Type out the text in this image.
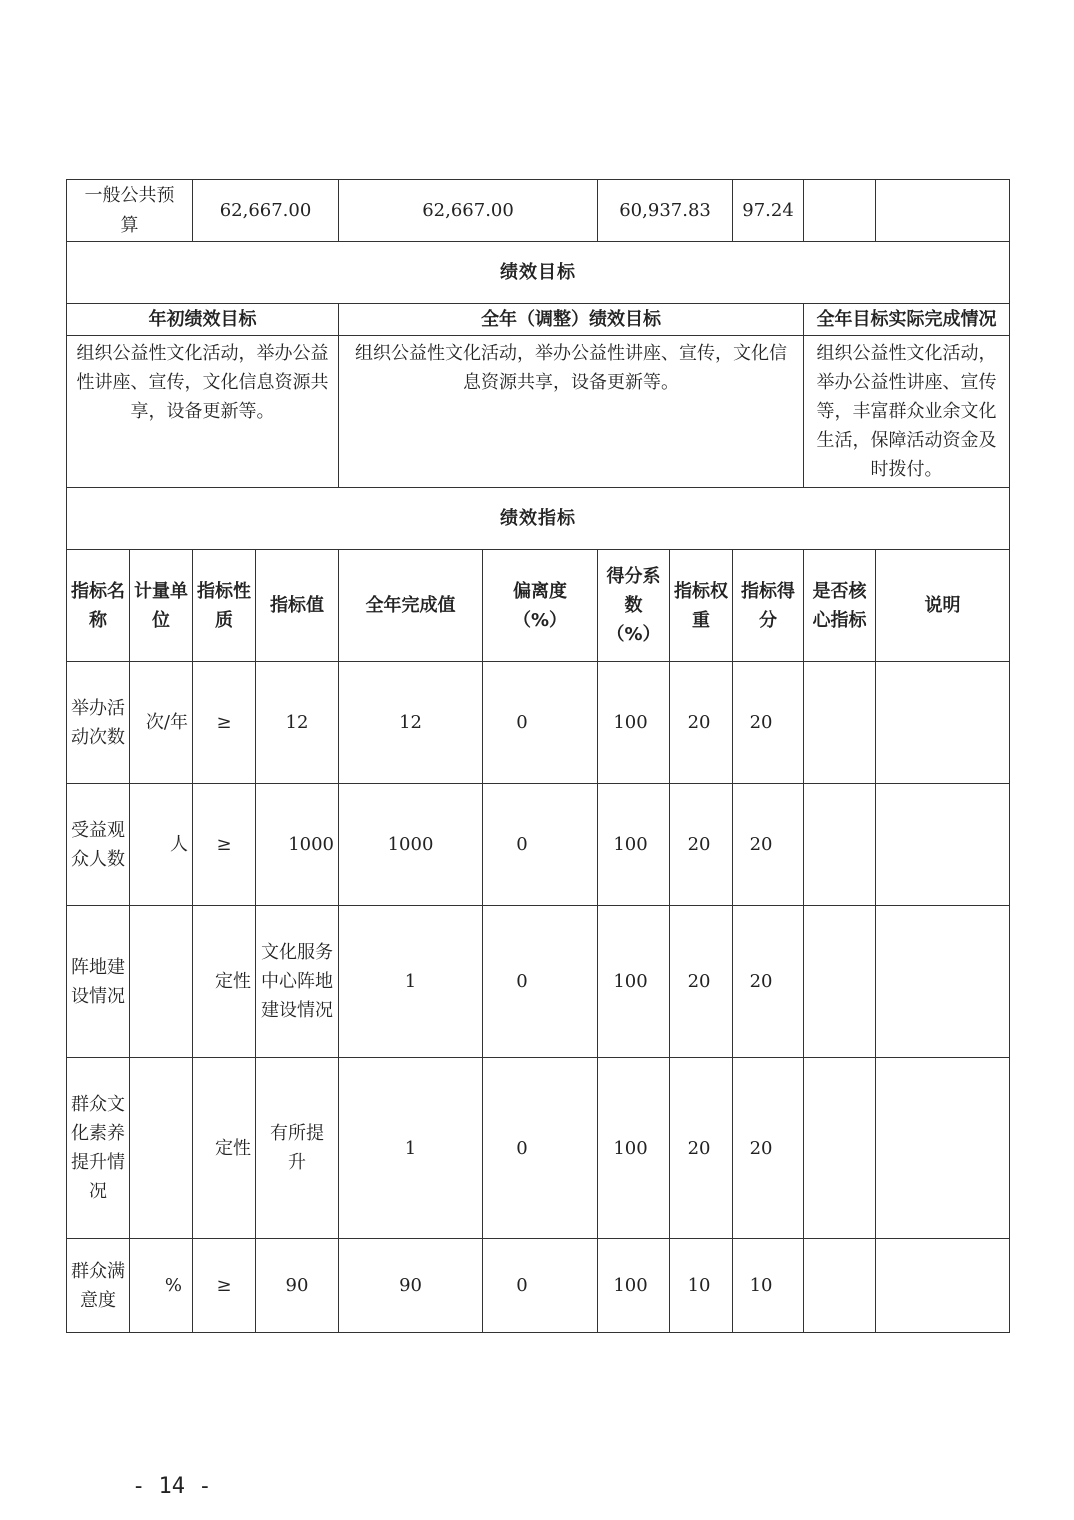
一般公共预算		62,667.00		62,667.00		60,937.83		97.24		
绩效目标										
年初绩效目标				全年（调整）绩效目标					全年目标实际完成情况	
组织公益性文化活动，举办公益性讲座、宣传，文化信息资源共享，设备更新等。				组织公益性文化活动，举办公益性讲座、宣传，文化信息资源共享，设备更新等。					组织公益性文化活动，举办公益性讲座、宣传等，丰富群众业余文化生活，保障活动资金及时拨付。	
绩效指标										
指标名称	计量单位	指标性质	指标值	全年完成值	偏离度（%）	得分系数（%）	指标权重	指标得分	是否核心指标	说明
举办活动次数	次/年	≥	12	12	0	100	20	20		
受益观众人数	人	≥	1000	1000	0	100	20	20		
阵地建设情况		定性	文化服务中心阵地建设情况	1	0	100	20	20		
群众文化素养提升情况		定性	有所提升	1	0	100	20	20		
群众满意度	%	≥	90	90	0	100	10	10		
- 14 -
